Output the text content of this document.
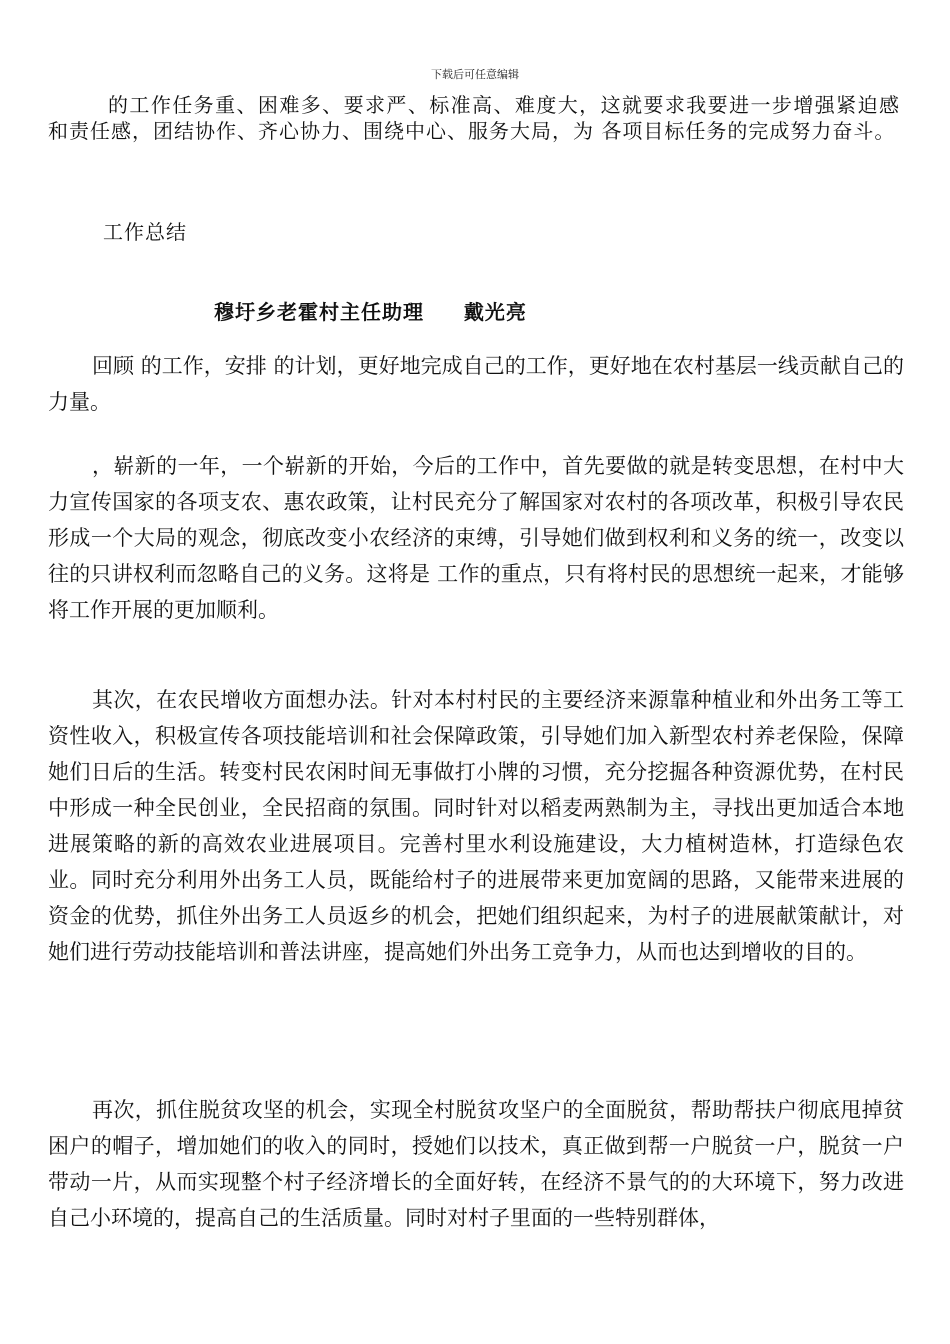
下载后可任意编辑

的工作任务重、困难多、要求严、标准高、难度大，这就要求我要进一步增强紧迫感和责任感，团结协作、齐心协力、围绕中心、服务大局，为 各项目标任务的完成努力奋斗。

工作总结

穆圩乡老霍村主任助理     戴光亮

回顾 的工作，安排 的计划，更好地完成自己的工作，更好地在农村基层一线贡献自己的力量。

，崭新的一年，一个崭新的开始，今后的工作中，首先要做的就是转变思想，在村中大力宣传国家的各项支农、惠农政策，让村民充分了解国家对农村的各项改革，积极引导农民形成一个大局的观念，彻底改变小农经济的束缚，引导她们做到权利和义务的统一，改变以往的只讲权利而忽略自己的义务。这将是 工作的重点，只有将村民的思想统一起来，才能够将工作开展的更加顺利。

其次，在农民增收方面想办法。针对本村村民的主要经济来源靠种植业和外出务工等工资性收入，积极宣传各项技能培训和社会保障政策，引导她们加入新型农村养老保险，保障她们日后的生活。转变村民农闲时间无事做打小牌的习惯，充分挖掘各种资源优势，在村民中形成一种全民创业，全民招商的氛围。同时针对以稻麦两熟制为主，寻找出更加适合本地进展策略的新的高效农业进展项目。完善村里水利设施建设，大力植树造林，打造绿色农业。同时充分利用外出务工人员，既能给村子的进展带来更加宽阔的思路，又能带来进展的资金的优势，抓住外出务工人员返乡的机会，把她们组织起来，为村子的进展献策献计，对她们进行劳动技能培训和普法讲座，提高她们外出务工竞争力，从而也达到增收的目的。

再次，抓住脱贫攻坚的机会，实现全村脱贫攻坚户的全面脱贫，帮助帮扶户彻底甩掉贫困户的帽子，增加她们的收入的同时，授她们以技术，真正做到帮一户脱贫一户，脱贫一户带动一片，从而实现整个村子经济增长的全面好转，在经济不景气的的大环境下，努力改进自己小环境的，提高自己的生活质量。同时对村子里面的一些特别群体，
